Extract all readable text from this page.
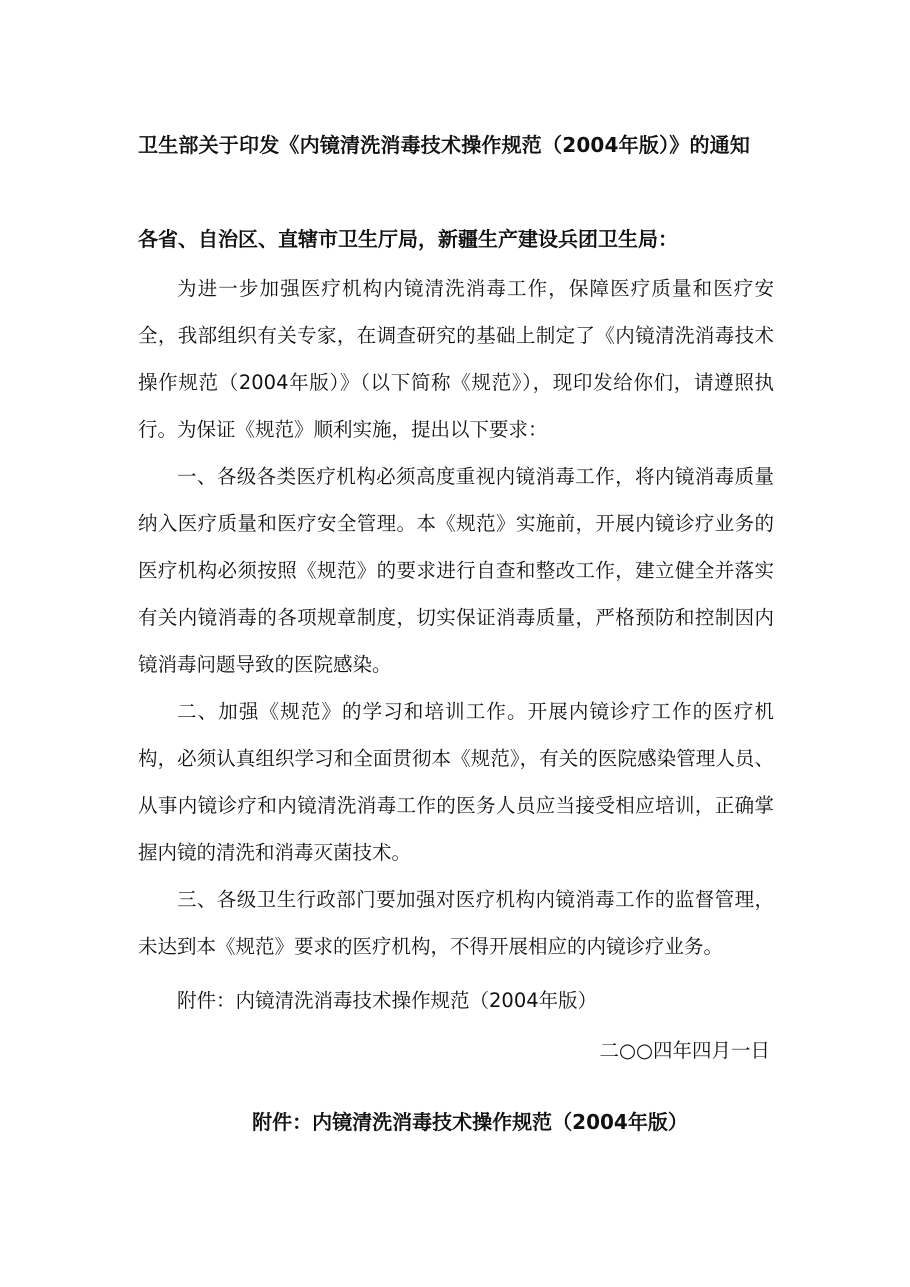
卫生部关于印发《内镜清洗消毒技术操作规范（2004年版）》的通知
各省、自治区、直辖市卫生厅局，新疆生产建设兵团卫生局：

为进一步加强医疗机构内镜清洗消毒工作，保障医疗质量和医疗安全，我部组织有关专家，在调查研究的基础上制定了《内镜清洗消毒技术操作规范（2004年版）》（以下简称《规范》），现印发给你们，请遵照执行。为保证《规范》顺利实施，提出以下要求：

一、各级各类医疗机构必须高度重视内镜消毒工作，将内镜消毒质量纳入医疗质量和医疗安全管理。本《规范》实施前，开展内镜诊疗业务的医疗机构必须按照《规范》的要求进行自查和整改工作，建立健全并落实有关内镜消毒的各项规章制度，切实保证消毒质量，严格预防和控制因内镜消毒问题导致的医院感染。

二、加强《规范》的学习和培训工作。开展内镜诊疗工作的医疗机构，必须认真组织学习和全面贯彻本《规范》，有关的医院感染管理人员、从事内镜诊疗和内镜清洗消毒工作的医务人员应当接受相应培训，正确掌握内镜的清洗和消毒灭菌技术。

三、各级卫生行政部门要加强对医疗机构内镜消毒工作的监督管理，未达到本《规范》要求的医疗机构，不得开展相应的内镜诊疗业务。

附件：内镜清洗消毒技术操作规范（2004年版）
二○○四年四月一日
附件：内镜清洗消毒技术操作规范（2004年版）
